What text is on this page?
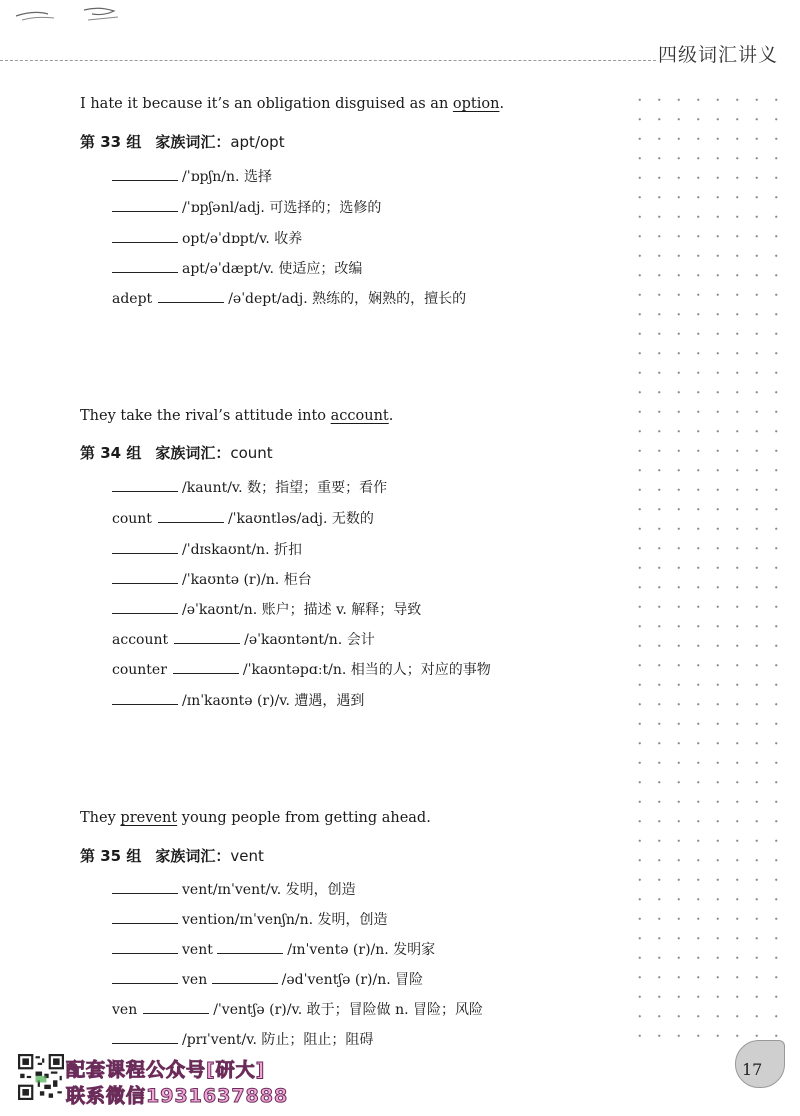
四级词汇讲义
I hate it because it’s an obligation disguised as an option.
第 33 组 家族词汇：apt/opt
/ˈɒpʃn/n. 选择
/ˈɒpʃənl/adj. 可选择的；选修的
opt/əˈdɒpt/v. 收养
apt/əˈdæpt/v. 使适应；改编
adept	/əˈdept/adj. 熟练的，娴熟的，擅长的
They take the rival’s attitude into account.
第 34 组 家族词汇：count
/kaunt/v. 数；指望；重要；看作
count	/ˈkaʊntləs/adj. 无数的
/ˈdɪskaʊnt/n. 折扣
/ˈkaʊntə (r)/n. 柜台
/əˈkaʊnt/n. 账户；描述 v. 解释；导致
account	/əˈkaʊntənt/n. 会计
counter	/ˈkaʊntəpɑːt/n. 相当的人；对应的事物
/ɪnˈkaʊntə (r)/v. 遭遇，遇到
They prevent young people from getting ahead.
第 35 组 家族词汇：vent
vent/ɪnˈvent/v. 发明，创造
vention/ɪnˈvenʃn/n. 发明，创造
vent	/ɪnˈventə (r)/n. 发明家
ven	/ədˈventʃə (r)/n. 冒险
ven	/ˈventʃə (r)/v. 敢于；冒险做 n. 冒险；风险
/prɪˈvent/v. 防止；阻止；阻碍
配套课程公众号[研大]
联系微信1931637888
17
